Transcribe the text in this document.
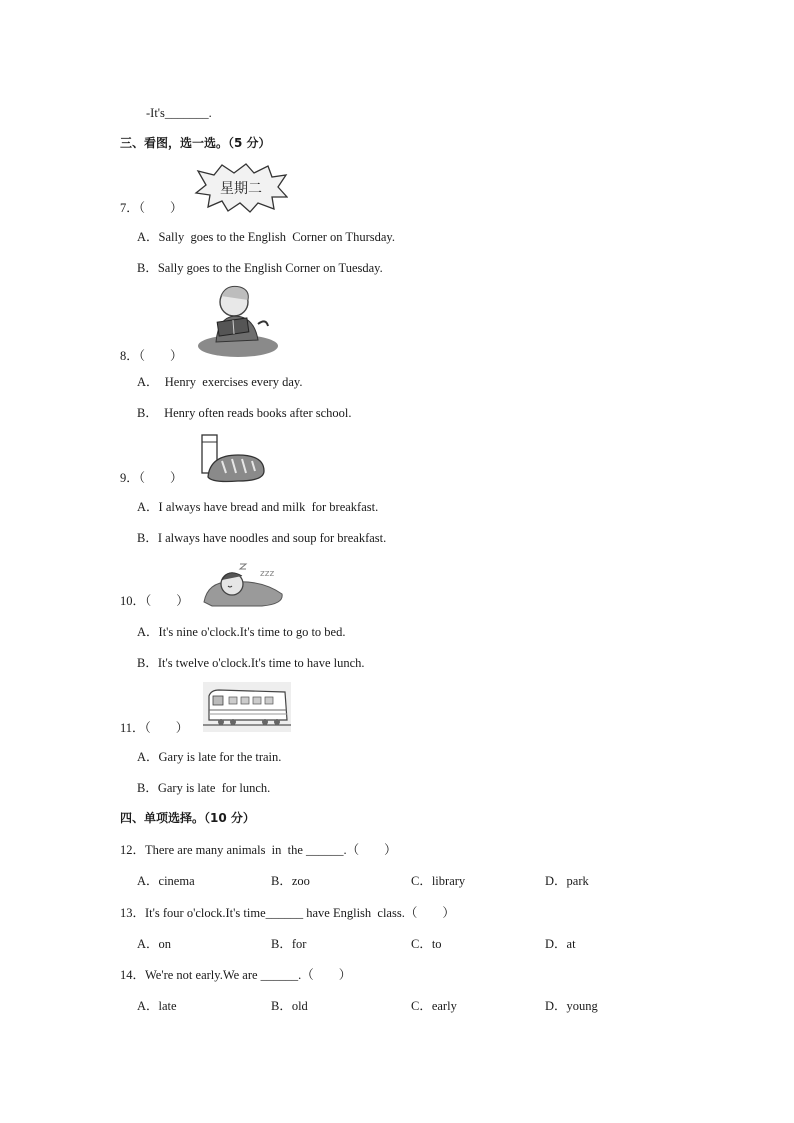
-It's_______.
三、看图，选一选。（5 分）
星期二
7．（　　）
A．Sally  goes to the English  Corner on Thursday.
B．Sally goes to the English Corner on Tuesday.
8．（　　）
A．  Henry  exercises every day.
B．  Henry often reads books after school.
9．（　　）
A．I always have bread and milk  for breakfast.
B．I always have noodles and soup for breakfast.
zzz
10．（　　）
A．It's nine o'clock.It's time to go to bed.
B．It's twelve o'clock.It's time to have lunch.
11．（　　）
A．Gary is late for the train.
B．Gary is late  for lunch.
四、单项选择。（10 分）
12．There are many animals  in  the ______.（　　）
A．cinema	B．zoo	C．library	D．park
13．It's four o'clock.It's time______ have English  class.（　　）
A．on	B．for	C．to	D．at
14．We're not early.We are ______.（　　）
A．late	B．old	C．early	D．young
